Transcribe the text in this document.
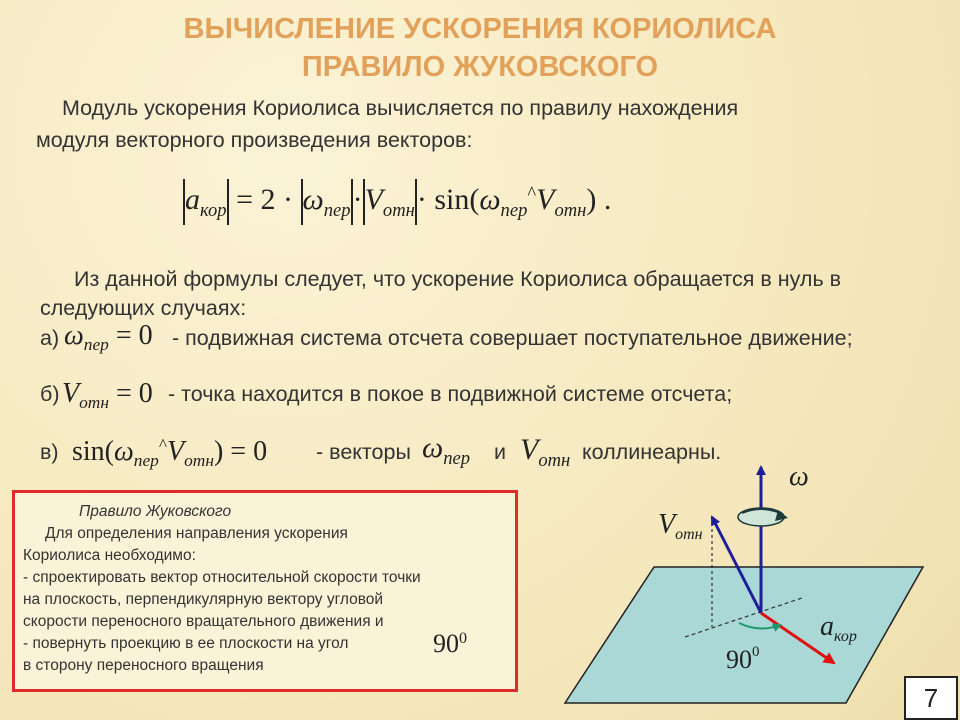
ВЫЧИСЛЕНИЕ УСКОРЕНИЯ КОРИОЛИСА
ПРАВИЛО ЖУКОВСКОГО
Модуль ускорения Кориолиса вычисляется по правилу нахождения
модуля векторного произведения векторов:
$a_{кор} = 2 \cdot \omega_{пер}\cdot V_{отн}\cdot \sin(\omega_{пер}^{\^{}}V_{отн})$ .
Из данной формулы следует, что ускорение Кориолиса обращается в нуль в
следующих случаях:
а) $\omega_{пер} = 0$ - подвижная система отсчета совершает поступательное движение;
б) $V_{отн} = 0$ - точка находится в покое в подвижной системе отсчета;
в) $\sin(\omega_{пер}^{\^{}}V_{отн}) = 0$ - векторы $\omega_{пер}$ и $V_{отн}$ коллинеарны.
Правило Жуковского
Для определения направления ускорения
Кориолиса необходимо:
- спроектировать вектор относительной скорости точки
на плоскость, перпендикулярную вектору угловой
скорости переносного вращательного движения и
- повернуть проекцию в ее плоскости на угол
в сторону переносного вращения
$90^0$
ω
$V_{отн}$
$a_{кор}$
$90^0$
7
